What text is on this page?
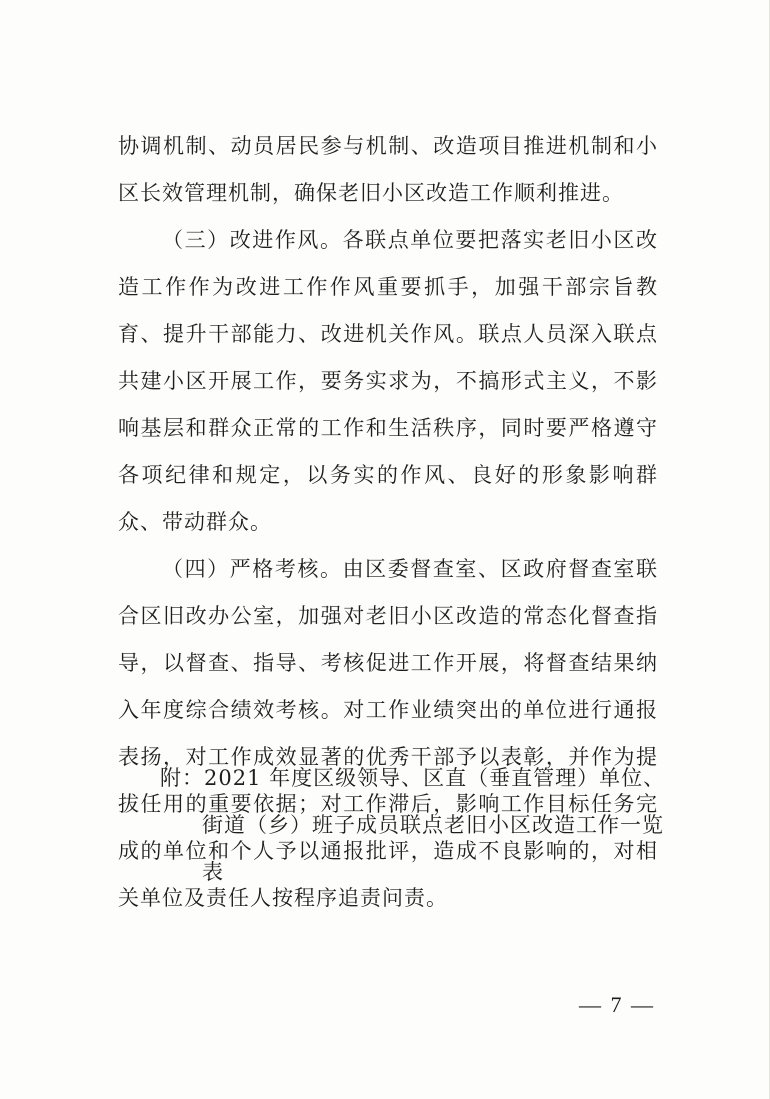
协调机制、动员居民参与机制、改造项目推进机制和小区长效管理机制，确保老旧小区改造工作顺利推进。

（三）改进作风。各联点单位要把落实老旧小区改造工作作为改进工作作风重要抓手，加强干部宗旨教育、提升干部能力、改进机关作风。联点人员深入联点共建小区开展工作，要务实求为，不搞形式主义，不影响基层和群众正常的工作和生活秩序，同时要严格遵守各项纪律和规定，以务实的作风、良好的形象影响群众、带动群众。

（四）严格考核。由区委督查室、区政府督查室联合区旧改办公室，加强对老旧小区改造的常态化督查指导，以督查、指导、考核促进工作开展，将督查结果纳入年度综合绩效考核。对工作业绩突出的单位进行通报表扬，对工作成效显著的优秀干部予以表彰，并作为提拔任用的重要依据；对工作滞后，影响工作目标任务完成的单位和个人予以通报批评，造成不良影响的，对相关单位及责任人按程序追责问责。

附：2021 年度区级领导、区直（垂直管理）单位、
街道（乡）班子成员联点老旧小区改造工作一览表
— 7 —
